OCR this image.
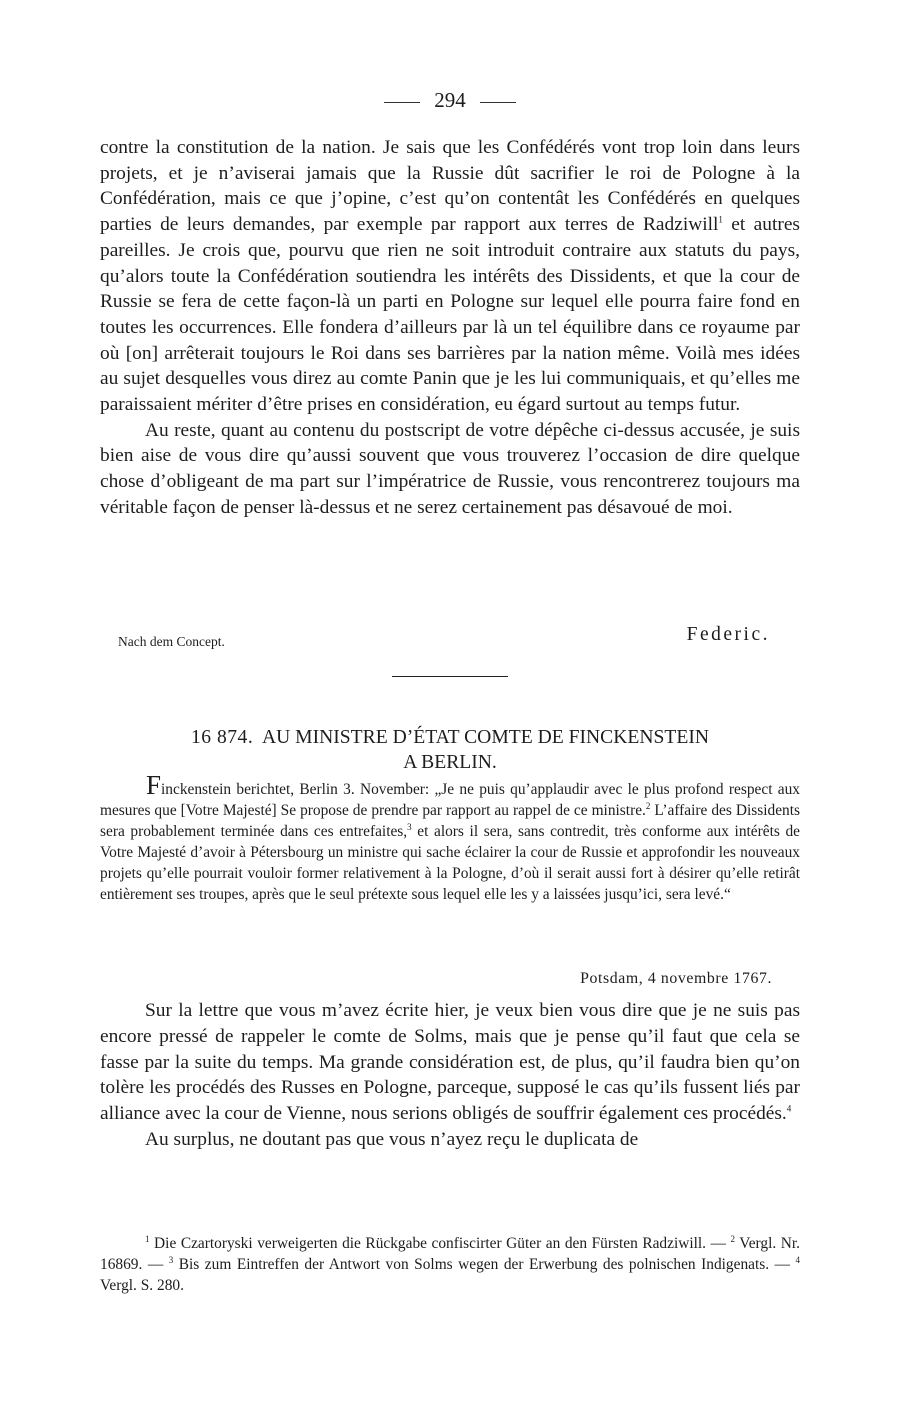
294

contre la constitution de la nation. Je sais que les Confédérés vont trop loin dans leurs projets, et je n’aviserai jamais que la Russie dût sacrifier le roi de Pologne à la Confédération, mais ce que j’opine, c’est qu’on contentât les Confédérés en quelques parties de leurs demandes, par exemple par rapport aux terres de Radziwill$^1$ et autres pareilles. Je crois que, pourvu que rien ne soit introduit contraire aux statuts du pays, qu’alors toute la Confédération soutiendra les intérêts des Dissidents, et que la cour de Russie se fera de cette façon-là un parti en Pologne sur lequel elle pourra faire fond en toutes les occurrences. Elle fondera d’ailleurs par là un tel équilibre dans ce royaume par où [on] arrêterait toujours le Roi dans ses barrières par la nation même. Voilà mes idées au sujet desquelles vous direz au comte Panin que je les lui communiquais, et qu’elles me paraissaient mériter d’être prises en considération, eu égard surtout au temps futur.

Au reste, quant au contenu du postscript de votre dépêche ci-dessus accusée, je suis bien aise de vous dire qu’aussi souvent que vous trouverez l’occasion de dire quelque chose d’obligeant de ma part sur l’impératrice de Russie, vous rencontrerez toujours ma véritable façon de penser là-dessus et ne serez certainement pas désavoué de moi.

Nach dem Concept.	Federic.
16 874. AU MINISTRE D’ÉTAT COMTE DE FINCKENSTEIN
A BERLIN.
Finckenstein berichtet, Berlin 3. November: „Je ne puis qu’applaudir avec le plus profond respect aux mesures que [Votre Majesté] Se propose de prendre par rapport au rappel de ce ministre.$^2$ L’affaire des Dissidents sera probablement terminée dans ces entrefaites,$^3$ et alors il sera, sans contredit, très conforme aux intérêts de Votre Majesté d’avoir à Pétersbourg un ministre qui sache éclairer la cour de Russie et approfondir les nouveaux projets qu’elle pourrait vouloir former relativement à la Pologne, d’où il serait aussi fort à désirer qu’elle retirât entièrement ses troupes, après que le seul prétexte sous lequel elle les y a laissées jusqu’ici, sera levé.“
Potsdam, 4 novembre 1767.

Sur la lettre que vous m’avez écrite hier, je veux bien vous dire que je ne suis pas encore pressé de rappeler le comte de Solms, mais que je pense qu’il faut que cela se fasse par la suite du temps. Ma grande considération est, de plus, qu’il faudra bien qu’on tolère les procédés des Russes en Pologne, parceque, supposé le cas qu’ils fussent liés par alliance avec la cour de Vienne, nous serions obligés de souffrir également ces procédés.$^4$

Au surplus, ne doutant pas que vous n’ayez reçu le duplicata de

$^1$ Die Czartoryski verweigerten die Rückgabe confiscirter Güter an den Fürsten Radziwill. — $^2$ Vergl. Nr. 16869. — $^3$ Bis zum Eintreffen der Antwort von Solms wegen der Erwerbung des polnischen Indigenats. — $^4$ Vergl. S. 280.
